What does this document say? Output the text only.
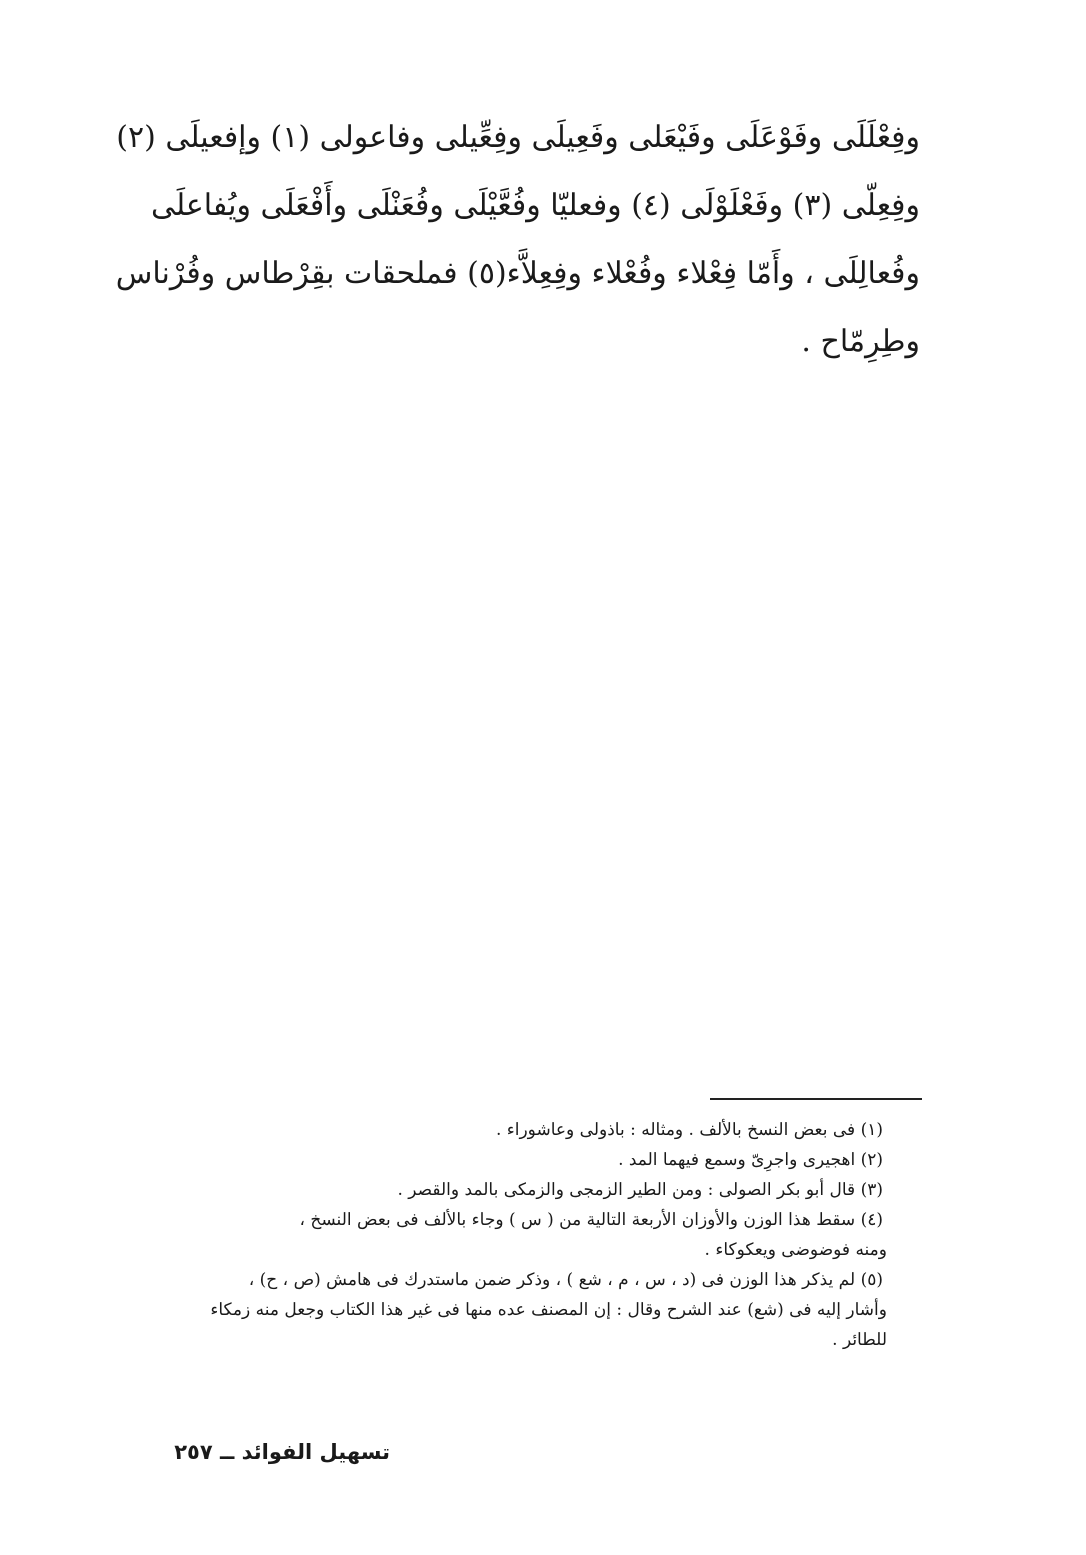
وفِعْلَلَى وفَوْعَلَى وفَيْعَلى وفَعِيلَى وفِعِّيلى وفاعولى (١) وإفعيلَى (٢)
وفِعِلّى (٣) وفَعْلَوْلَى (٤) وفعليّا وفُعَّيْلَى وفُعَنْلَى وأَفْعَلَى ويُفاعلَى
وفُعالِلَى ، وأَمّا فِعْلاء وفُعْلاء وفِعِلاَّء(٥) فملحقات بقِرْطاس وفُرْناس
وطِرِمّاح .
(١) فى بعض النسخ بالألف . ومثاله : باذولى وعاشوراء .
(٢) اهجيرى واجرِىّ وسمع فيهما المد .
(٣) قال أبو بكر الصولى : ومن الطير الزمجى والزمكى بالمد والقصر .
(٤) سقط هذا الوزن والأوزان الأربعة التالية من ( س ) وجاء بالألف فى بعض النسخ ،
ومنه فوضوضى ويعكوكاء .
(٥) لم يذكر هذا الوزن فى (د ، س ، م ، شع ) ، وذكر ضمن ماستدرك فى هامش (ص ، ح) ،
وأشار إليه فى (شع) عند الشرح وقال : إن المصنف عده منها فى غير هذا الكتاب وجعل منه زمكاء
للطائر .
تسهيل الفوائد ــ ٢٥٧
